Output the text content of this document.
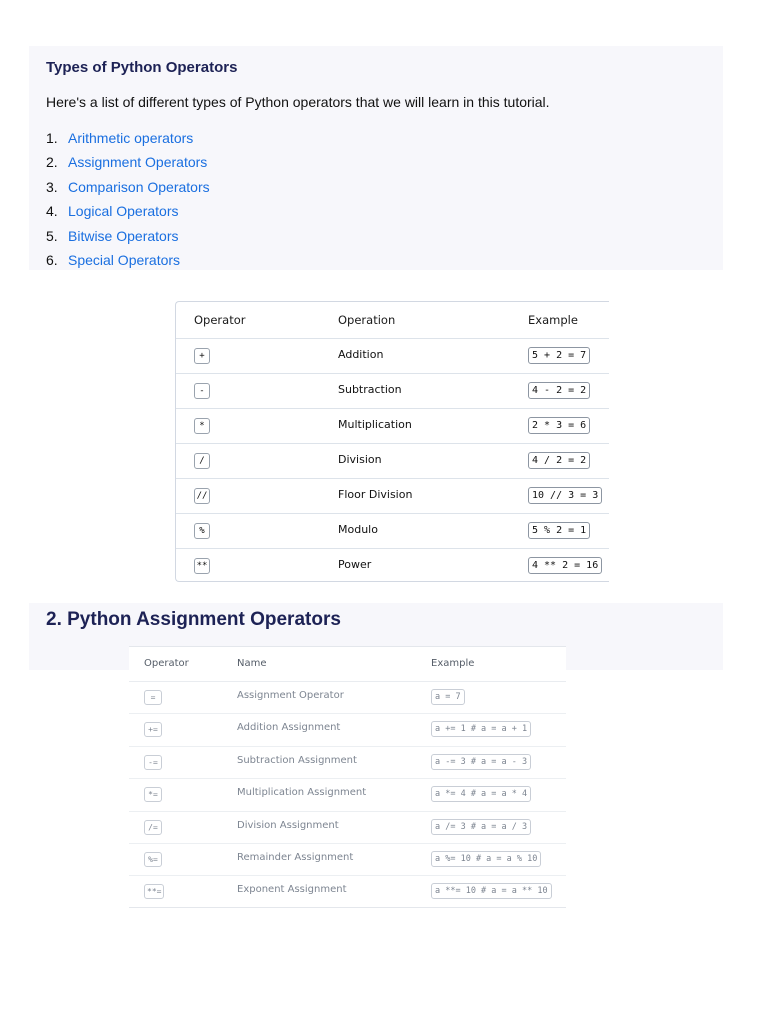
Types of Python Operators
Here's a list of different types of Python operators that we will learn in this tutorial.
1. Arithmetic operators
2. Assignment Operators
3. Comparison Operators
4. Logical Operators
5. Bitwise Operators
6. Special Operators
Operator	Operation	Example
+	Addition	5 + 2 = 7
-	Subtraction	4 - 2 = 2
*	Multiplication	2 * 3 = 6
/	Division	4 / 2 = 2
//	Floor Division	10 // 3 = 3
%	Modulo	5 % 2 = 1
**	Power	4 ** 2 = 16
2. Python Assignment Operators
Operator	Name	Example
=	Assignment Operator	a = 7
+=	Addition Assignment	a += 1 # a = a + 1
-=	Subtraction Assignment	a -= 3 # a = a - 3
*=	Multiplication Assignment	a *= 4 # a = a * 4
/=	Division Assignment	a /= 3 # a = a / 3
%=	Remainder Assignment	a %= 10 # a = a % 10
**=	Exponent Assignment	a **= 10 # a = a ** 10
